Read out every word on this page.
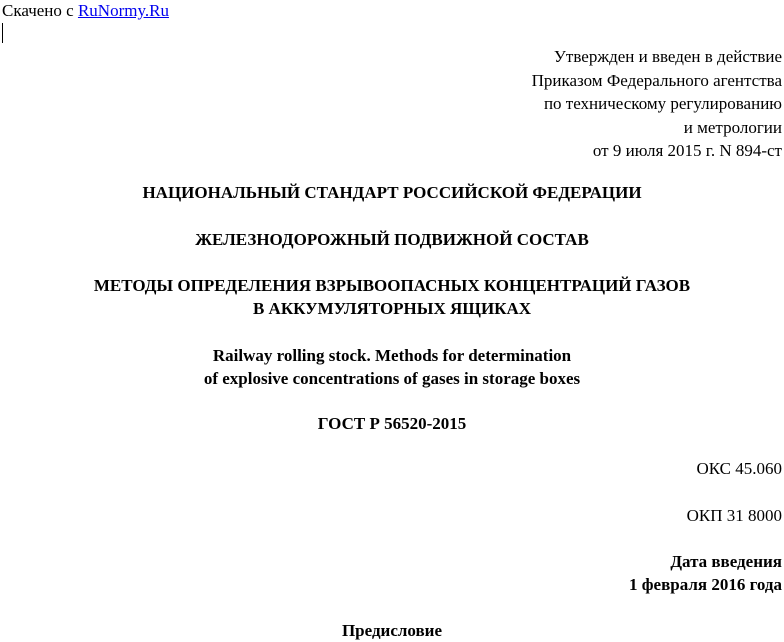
Скачено с RuNormy.Ru
Утвержден и введен в действие
Приказом Федерального агентства
по техническому регулированию
и метрологии
от 9 июля 2015 г. N 894-ст
НАЦИОНАЛЬНЫЙ СТАНДАРТ РОССИЙСКОЙ ФЕДЕРАЦИИ
ЖЕЛЕЗНОДОРОЖНЫЙ ПОДВИЖНОЙ СОСТАВ
МЕТОДЫ ОПРЕДЕЛЕНИЯ ВЗРЫВООПАСНЫХ КОНЦЕНТРАЦИЙ ГАЗОВ
В АККУМУЛЯТОРНЫХ ЯЩИКАХ
Railway rolling stock. Methods for determination
of explosive concentrations of gases in storage boxes
ГОСТ Р 56520-2015
ОКС 45.060
ОКП 31 8000
Дата введения
1 февраля 2016 года
Предисловие
